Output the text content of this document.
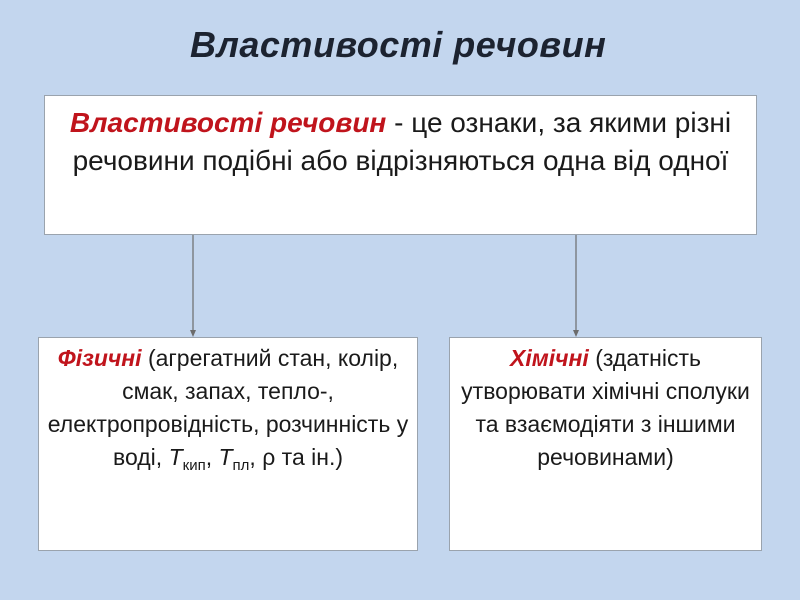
Властивості речовин
Властивості речовин - це ознаки, за якими різні речовини подібні або відрізняються одна від одної
Фізичні (агрегатний стан, колір, смак, запах, тепло-, електропровідність, розчинність у воді, $Т_{кип}$, $Т_{пл}$, ρ та ін.)
Хімічні (здатність утворювати хімічні сполуки та взаємодіяти з іншими речовинами)
